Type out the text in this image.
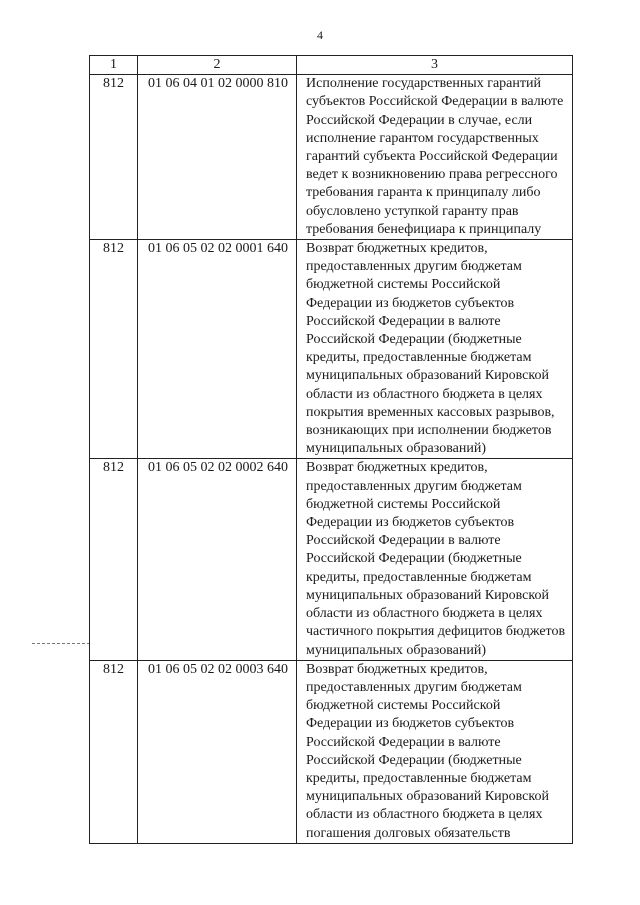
4
1	2	3
812	01 06 04 01 02 0000 810	Исполнение государственных гарантий субъектов Российской Федерации в валюте Российской Федерации в случае, если исполнение гарантом государственных гарантий субъекта Российской Федерации ведет к возникновению права регрессного требования гаранта к принципалу либо обусловлено уступкой гаранту прав требования бенефициара к принципалу
812	01 06 05 02 02 0001 640	Возврат бюджетных кредитов, предоставленных другим бюджетам бюджетной системы Российской Федерации из бюджетов субъектов Российской Федерации в валюте Российской Федерации (бюджетные кредиты, предоставленные бюджетам муниципальных образований Кировской области из областного бюджета в целях покрытия временных кассовых разрывов, возникающих при исполнении бюджетов муниципальных образований)
812	01 06 05 02 02 0002 640	Возврат бюджетных кредитов, предоставленных другим бюджетам бюджетной системы Российской Федерации из бюджетов субъектов Российской Федерации в валюте Российской Федерации (бюджетные кредиты, предоставленные бюджетам муниципальных образований Кировской области из областного бюджета в целях частичного покрытия дефицитов бюджетов муниципальных образований)
812	01 06 05 02 02 0003 640	Возврат бюджетных кредитов, предоставленных другим бюджетам бюджетной системы Российской Федерации из бюджетов субъектов Российской Федерации в валюте Российской Федерации (бюджетные кредиты, предоставленные бюджетам муниципальных образований Кировской области из областного бюджета в целях погашения долговых обязательств
